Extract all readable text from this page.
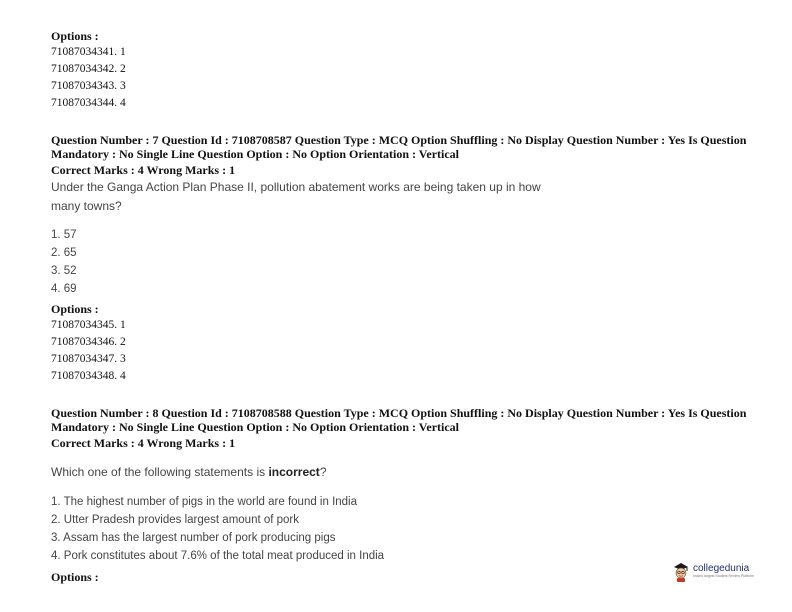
Options :
71087034341. 1
71087034342. 2
71087034343. 3
71087034344. 4
Question Number : 7 Question Id : 7108708587 Question Type : MCQ Option Shuffling : No Display Question Number : Yes Is Question
Mandatory : No Single Line Question Option : No Option Orientation : Vertical
Correct Marks : 4 Wrong Marks : 1
Under the Ganga Action Plan Phase II, pollution abatement works are being taken up in how
many towns?
1. 57
2. 65
3. 52
4. 69
Options :
71087034345. 1
71087034346. 2
71087034347. 3
71087034348. 4
Question Number : 8 Question Id : 7108708588 Question Type : MCQ Option Shuffling : No Display Question Number : Yes Is Question
Mandatory : No Single Line Question Option : No Option Orientation : Vertical
Correct Marks : 4 Wrong Marks : 1
Which one of the following statements is incorrect?
1. The highest number of pigs in the world are found in India
2. Utter Pradesh provides largest amount of pork
3. Assam has the largest number of pork producing pigs
4. Pork constitutes about 7.6% of the total meat produced in India
Options :
collegedunia
India's largest Student Review Platform
